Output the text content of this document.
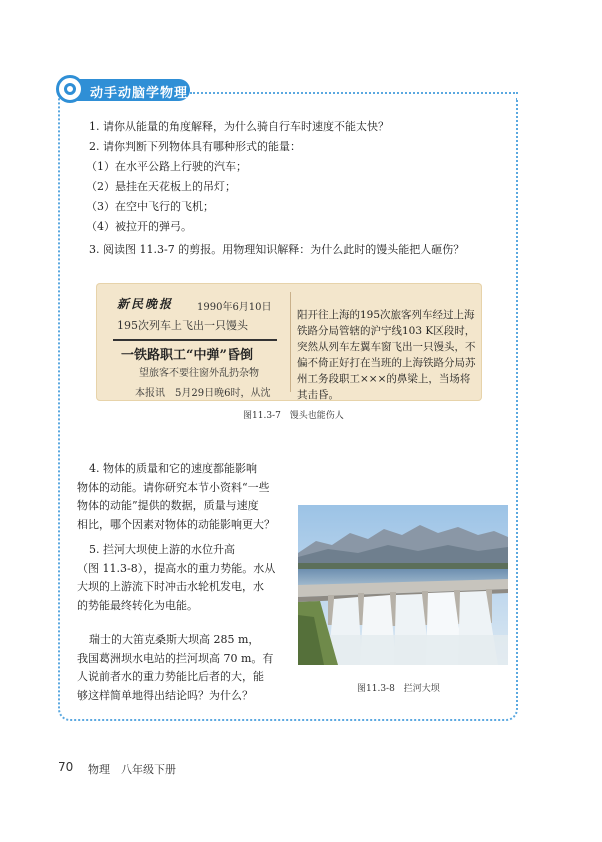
动手动脑学物理
1. 请你从能量的角度解释，为什么骑自行车时速度不能太快？
2. 请你判断下列物体具有哪种形式的能量：
（1）在水平公路上行驶的汽车；
（2）悬挂在天花板上的吊灯；
（3）在空中飞行的飞机；
（4）被拉开的弹弓。
3. 阅读图 11.3-7 的剪报。用物理知识解释：为什么此时的馒头能把人砸伤？
新民晚报 1990年6月10日
195次列车上飞出一只馒头
一铁路职工“中弹”昏倒
望旅客不要往窗外乱扔杂物
本报讯　5月29日晚6时，从沈
阳开往上海的195次旅客列车经过上海铁路分局管辖的沪宁线103 K区段时，突然从列车左翼车窗飞出一只馒头，不偏不倚正好打在当班的上海铁路分局苏州工务段职工×××的鼻梁上，当场将其击昏。
图11.3-7　馒头也能伤人
4. 物体的质量和它的速度都能影响
物体的动能。请你研究本节小资料“一些
物体的动能”提供的数据，质量与速度
相比，哪个因素对物体的动能影响更大？
5. 拦河大坝使上游的水位升高
（图 11.3-8），提高水的重力势能。水从
大坝的上游流下时冲击水轮机发电，水
的势能最终转化为电能。
瑞士的大笛克桑斯大坝高 285 m，
我国葛洲坝水电站的拦河坝高 70 m。有
人说前者水的重力势能比后者的大，能
够这样简单地得出结论吗？为什么？	图11.3-8　拦河大坝
70 物理　八年级下册
